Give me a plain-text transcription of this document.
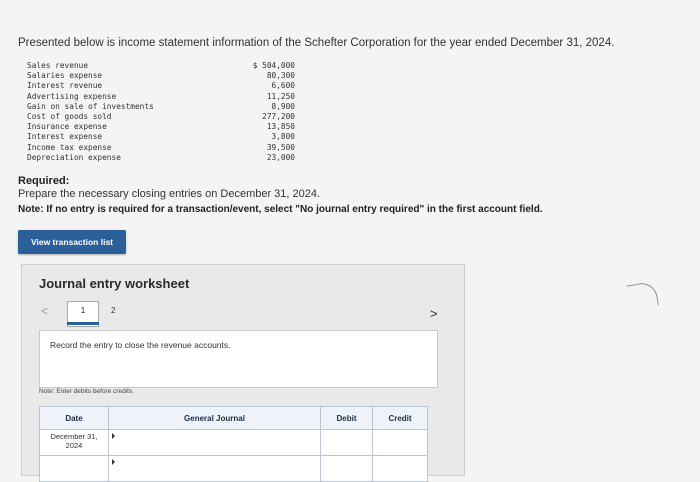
Presented below is income statement information of the Schefter Corporation for the year ended December 31, 2024.
Sales revenue	$ 504,000
Salaries expense	80,300
Interest revenue	6,600
Advertising expense	11,250
Gain on sale of investments	8,900
Cost of goods sold	277,200
Insurance expense	13,850
Interest expense	3,800
Income tax expense	39,500
Depreciation expense	23,000
Required:
Prepare the necessary closing entries on December 31, 2024.
Note: If no entry is required for a transaction/event, select "No journal entry required" in the first account field.
View transaction list
Journal entry worksheet
<	1	2	>
Record the entry to close the revenue accounts.
Note: Enter debits before credits.
Date	General Journal	Debit	Credit
December 31, 2024			
